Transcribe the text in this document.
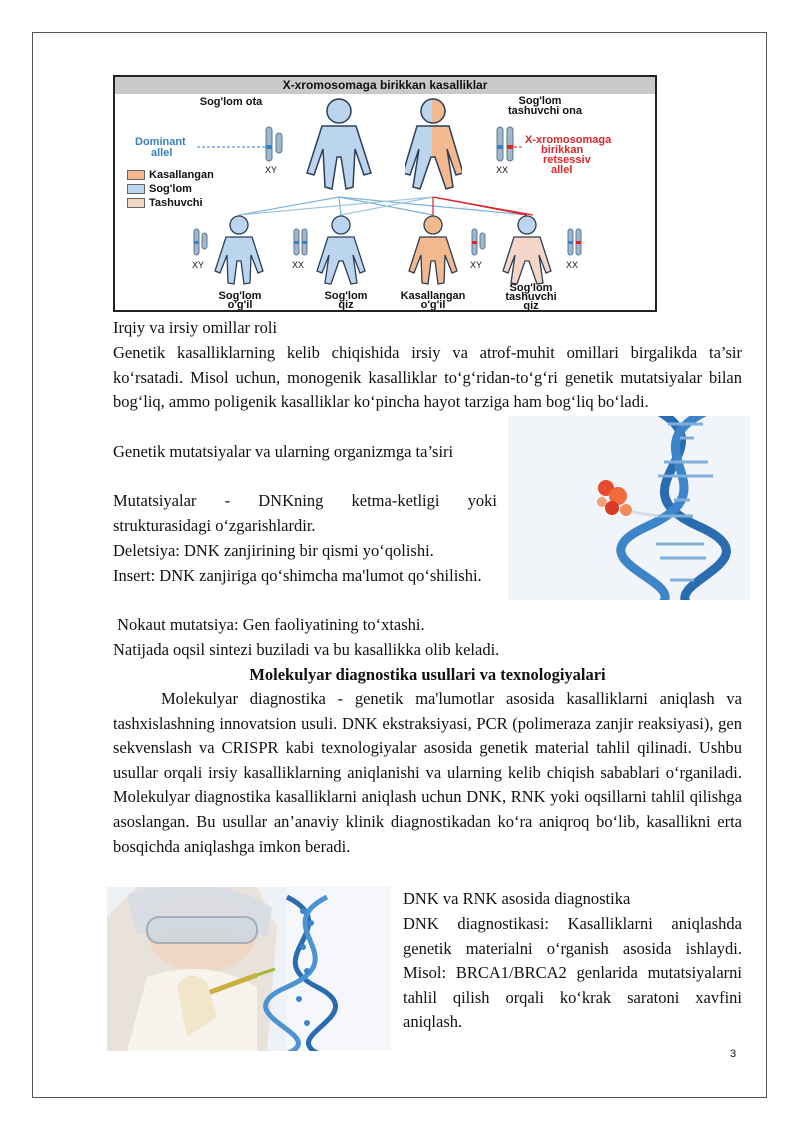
X-xromosomaga birikkan kasalliklar
Sog'lom ota	Sog'lom
tashuvchi ona
Dominant
allel
X-xromosomaga
birikkan
retsessiv
allel
XY	XX
XY	XX	XY	XX
Kasallangan
Sog'lom
Tashuvchi
Sog'lom
o'g'il
Sog'lom
qiz
Kasallangan
o'g'il
Sog'lom
tashuvchi
qiz

Irqiy va irsiy omillar roli

Genetik kasalliklarning kelib chiqishida irsiy va atrof-muhit omillari birgalikda ta’sir ko‘rsatadi. Misol uchun, monogenik kasalliklar to‘g‘ridan-to‘g‘ri genetik mutatsiyalar bilan bog‘liq, ammo poligenik kasalliklar ko‘pincha hayot tarziga ham bog‘liq bo‘ladi.

Genetik mutatsiyalar va ularning organizmga ta’siri

Mutatsiyalar - DNKning ketma-ketligi yoki strukturasidagi o‘zgarishlardir.

Deletsiya: DNK zanjirining bir qismi yo‘qolishi.

Insert: DNK zanjiriga qo‘shimcha ma'lumot qo‘shilishi.

Nokaut mutatsiya: Gen faoliyatining to‘xtashi.

Natijada oqsil sintezi buziladi va bu kasallikka olib keladi.

Molekulyar diagnostika usullari va texnologiyalari

Molekulyar diagnostika - genetik ma'lumotlar asosida kasalliklarni aniqlash va tashxislashning innovatsion usuli. DNK ekstraksiyasi, PCR (polimeraza zanjir reaksiyasi), gen sekvenslash va CRISPR kabi texnologiyalar asosida genetik material tahlil qilinadi. Ushbu usullar orqali irsiy kasalliklarning aniqlanishi va ularning kelib chiqish sabablari o‘rganiladi. Molekulyar diagnostika kasalliklarni aniqlash uchun DNK, RNK yoki oqsillarni tahlil qilishga asoslangan. Bu usullar an’anaviy klinik diagnostikadan ko‘ra aniqroq bo‘lib, kasallikni erta bosqichda aniqlashga imkon beradi.

DNK va RNK asosida diagnostika

DNK diagnostikasi: Kasalliklarni aniqlashda genetik materialni o‘rganish asosida ishlaydi. Misol: BRCA1/BRCA2 genlarida mutatsiyalarni tahlil qilish orqali ko‘krak saratoni xavfini aniqlash.

3
